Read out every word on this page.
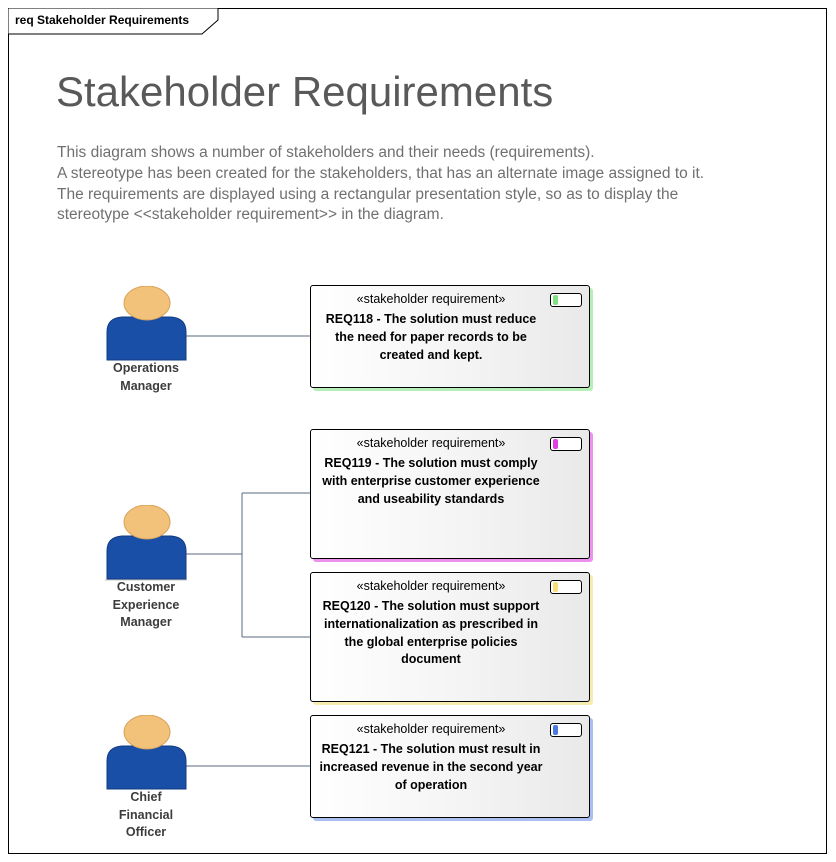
req Stakeholder Requirements
Stakeholder Requirements
This diagram shows a number of stakeholders and their needs (requirements).
A stereotype has been created for the stakeholders, that has an alternate image assigned to it.
The requirements are displayed using a rectangular presentation style, so as to display the
stereotype <<stakeholder requirement>> in the diagram.
Operations
Manager
Customer
Experience
Manager
Chief
Financial
Officer
«stakeholder requirement»
REQ118 - The solution must reduce
the need for paper records to be
created and kept.
«stakeholder requirement»
REQ119 - The solution must comply
with enterprise customer experience
and useability standards
«stakeholder requirement»
REQ120 - The solution must support
internationalization as prescribed in
the global enterprise policies
document
«stakeholder requirement»
REQ121 - The solution must result in
increased revenue in the second year
of operation
